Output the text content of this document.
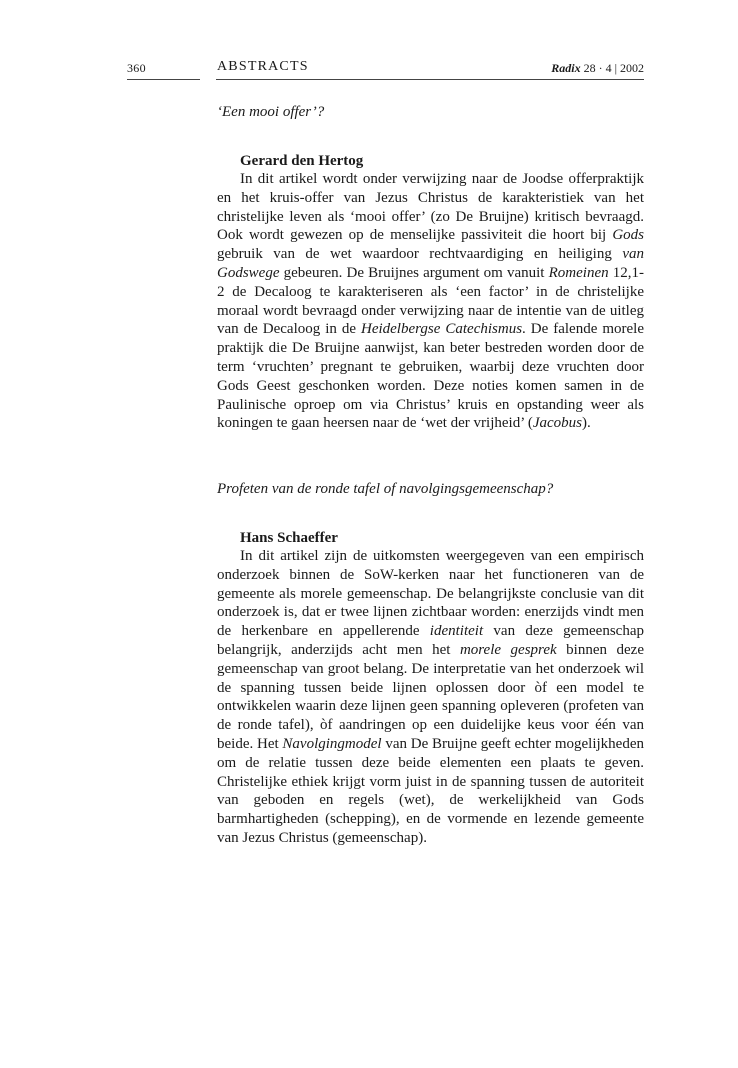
360	ABSTRACTS	Radix 28 · 4 | 2002

‘Een mooi offer’?

Gerard den Hertog

In dit artikel wordt onder verwijzing naar de Joodse offerpraktijk en het kruis-offer van Jezus Christus de karakteristiek van het christelijke leven als ‘mooi offer’ (zo De Bruijne) kritisch bevraagd. Ook wordt gewezen op de menselijke passiviteit die hoort bij Gods gebruik van de wet waardoor rechtvaardiging en heiliging van Godswege gebeuren. De Bruijnes argument om vanuit Romeinen 12,1-2 de Decaloog te karakteriseren als ‘een factor’ in de christelijke moraal wordt bevraagd onder verwijzing naar de intentie van de uitleg van de Decaloog in de Heidelbergse Catechismus. De falende morele praktijk die De Bruijne aanwijst, kan beter bestreden worden door de term ‘vruchten’ pregnant te gebruiken, waarbij deze vruchten door Gods Geest geschonken worden. Deze noties komen samen in de Paulinische oproep om via Christus’ kruis en opstanding weer als koningen te gaan heersen naar de ‘wet der vrijheid’ (Jacobus).

Profeten van de ronde tafel of navolgingsgemeenschap?

Hans Schaeffer

In dit artikel zijn de uitkomsten weergegeven van een empirisch onderzoek binnen de SoW-kerken naar het functioneren van de gemeente als morele gemeenschap. De belangrijkste conclusie van dit onderzoek is, dat er twee lijnen zichtbaar worden: enerzijds vindt men de herkenbare en appellerende identiteit van deze gemeenschap belangrijk, anderzijds acht men het morele gesprek binnen deze gemeenschap van groot belang. De interpretatie van het onderzoek wil de spanning tussen beide lijnen oplossen door òf een model te ontwikkelen waarin deze lijnen geen spanning opleveren (profeten van de ronde tafel), òf aandringen op een duidelijke keus voor één van beide. Het Navolgingmodel van De Bruijne geeft echter mogelijkheden om de relatie tussen deze beide elementen een plaats te geven. Christelijke ethiek krijgt vorm juist in de spanning tussen de autoriteit van geboden en regels (wet), de werkelijkheid van Gods barmhartigheden (schepping), en de vormende en lezende gemeente van Jezus Christus (gemeenschap).
